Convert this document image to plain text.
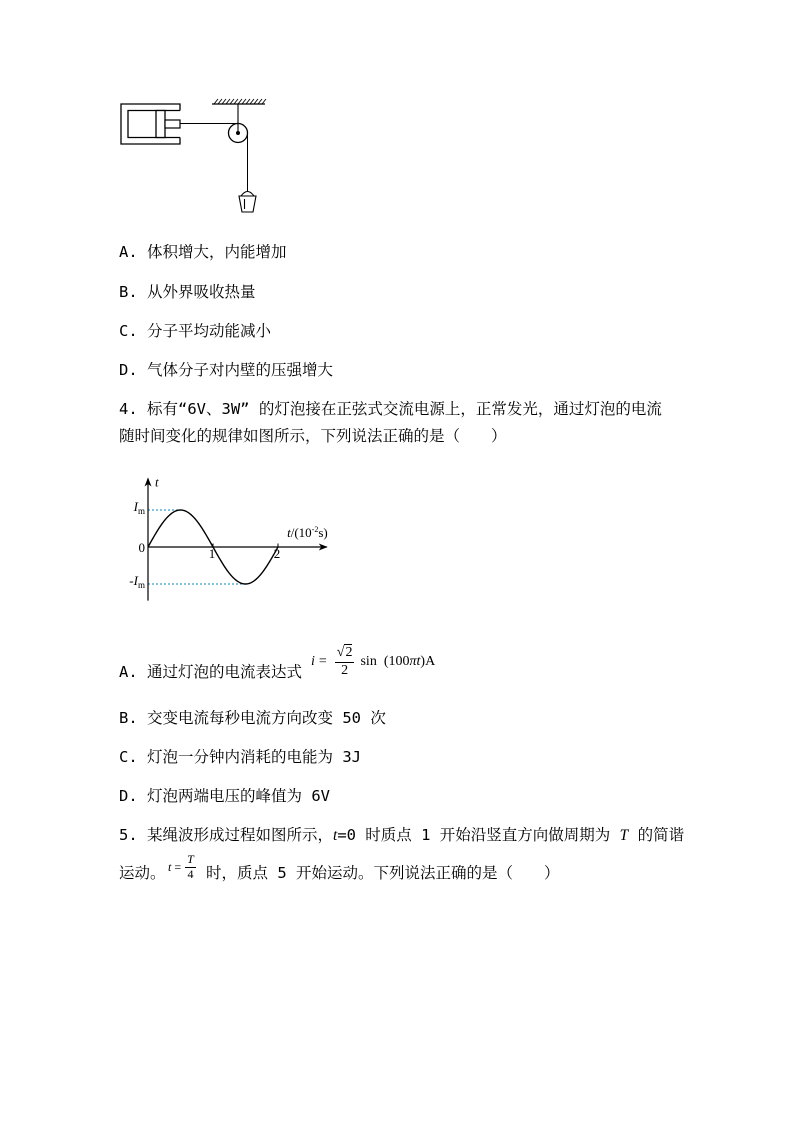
A. 体积增大，内能增加
B. 从外界吸收热量
C. 分子平均动能减小
D. 气体分子对内壁的压强增大
4. 标有“6V、3W” 的灯泡接在正弦式交流电源上，正常发光，通过灯泡的电流
随时间变化的规律如图所示，下列说法正确的是（　　）
1	2
$I_m$
0
$-I_m$
t
$t/(10^{-2}s)$
A. 通过灯泡的电流表达式
$i = \frac{√2}{2}$ sin (100 πt )A
B. 交变电流每秒电流方向改变 50 次
C. 灯泡一分钟内消耗的电能为 3J
D. 灯泡两端电压的峰值为 6V
5. 某绳波形成过程如图所示，t=0 时质点 1 开始沿竖直方向做周期为 T 的简谐
运动。 $t = \frac{T}{4}$ 时，质点 5 开始运动。下列说法正确的是（　　）
